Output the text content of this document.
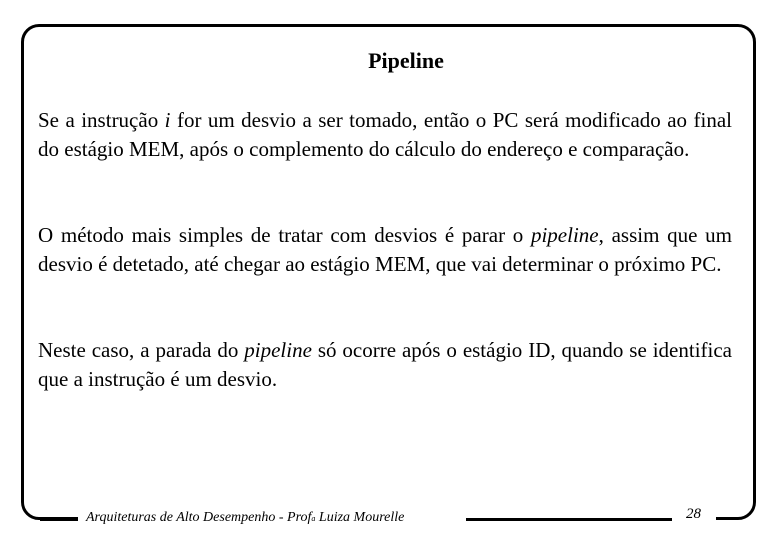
Pipeline

Se a instrução i for um desvio a ser tomado, então o PC será modificado ao final do estágio MEM, após o complemento do cálculo do endereço e comparação.

O método mais simples de tratar com desvios é parar o pipeline, assim que um desvio é detetado, até chegar ao estágio MEM, que vai determinar o próximo PC.

Neste caso, a parada do pipeline só ocorre após o estágio ID, quando se identifica que a instrução é um desvio.

Arquiteturas de Alto Desempenho - Prof$^a$ Luiza Mourelle	28
